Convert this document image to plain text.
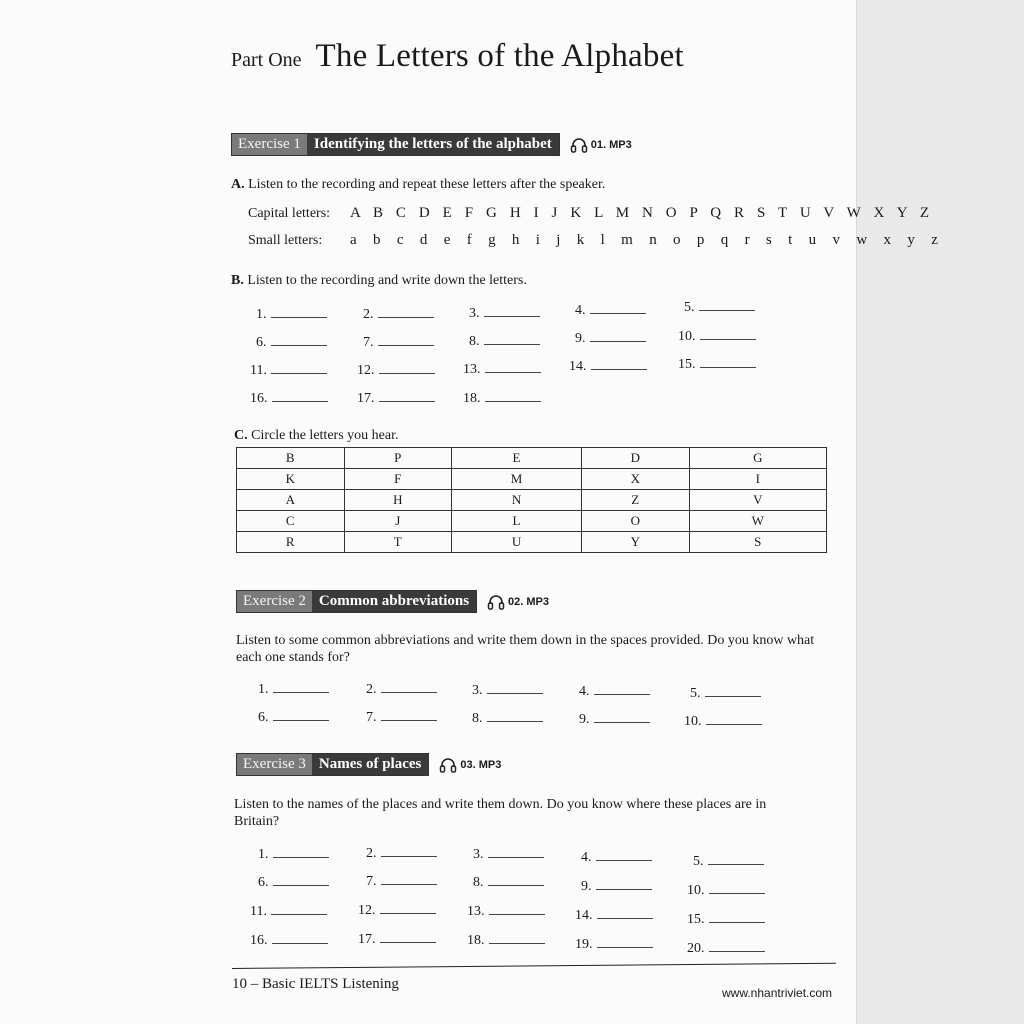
Part One The Letters of the Alphabet
Exercise 1 Identifying the letters of the alphabet	01. MP3
A. Listen to the recording and repeat these letters after the speaker.
Capital letters:	A B C D E F G H I J K L M N O P Q R S T U V W X Y Z
Small letters:	a b c d e f g h i j k l m n o p q r s t u v w x y z
B. Listen to the recording and write down the letters.
1.	2.	3.	4.	5.
6.	7.	8.	9.	10.
11.	12.	13.	14.	15.
16.	17.	18.
C. Circle the letters you hear.
B	P	E	D	G
K	F	M	X	I
A	H	N	Z	V
C	J	L	O	W
R	T	U	Y	S
Exercise 2 Common abbreviations	02. MP3
Listen to some common abbreviations and write them down in the spaces provided. Do you know what each one stands for?
1.	2.	3.	4.	5.
6.	7.	8.	9.	10.
Exercise 3 Names of places	03. MP3
Listen to the names of the places and write them down. Do you know where these places are in Britain?
1.	2.	3.	4.	5.
6.	7.	8.	9.	10.
11.	12.	13.	14.	15.
16.	17.	18.	19.	20.
10 – Basic IELTS Listening
www.nhantriviet.com
